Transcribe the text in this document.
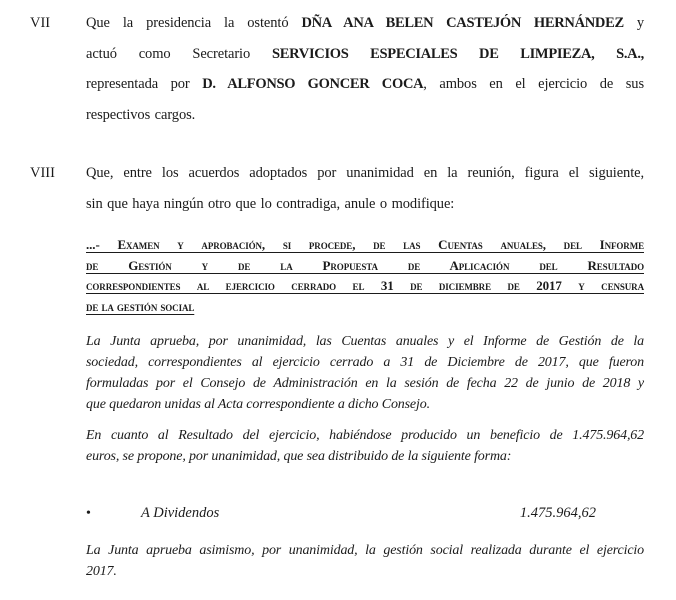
VII	Que la presidencia la ostentó DÑA ANA BELEN CASTEJÓN HERNÁNDEZ y
actuó como Secretario SERVICIOS ESPECIALES DE LIMPIEZA, S.A.,
representada por D. ALFONSO GONCER COCA, ambos en el ejercicio de sus
respectivos cargos.
VIII	Que, entre los acuerdos adoptados por unanimidad en la reunión, figura el siguiente,
sin que haya ningún otro que lo contradiga, anule o modifique:
...- Examen y aprobación, si procede, de las Cuentas anuales, del Informe
de Gestión y de la Propuesta de Aplicación del Resultado
correspondientes al ejercicio cerrado el 31 de diciembre de 2017 y censura
de la gestión social
La Junta aprueba, por unanimidad, las Cuentas anuales y el Informe de Gestión de la
sociedad, correspondientes al ejercicio cerrado a 31 de Diciembre de 2017, que fueron
formuladas por el Consejo de Administración en la sesión de fecha 22 de junio de 2018 y
que quedaron unidas al Acta correspondiente a dicho Consejo.
En cuanto al Resultado del ejercicio, habiéndose producido un beneficio de 1.475.964,62
euros, se propone, por unanimidad, que sea distribuido de la siguiente forma:
•	A Dividendos	1.475.964,62
La Junta aprueba asimismo, por unanimidad, la gestión social realizada durante el ejercicio
2017.
